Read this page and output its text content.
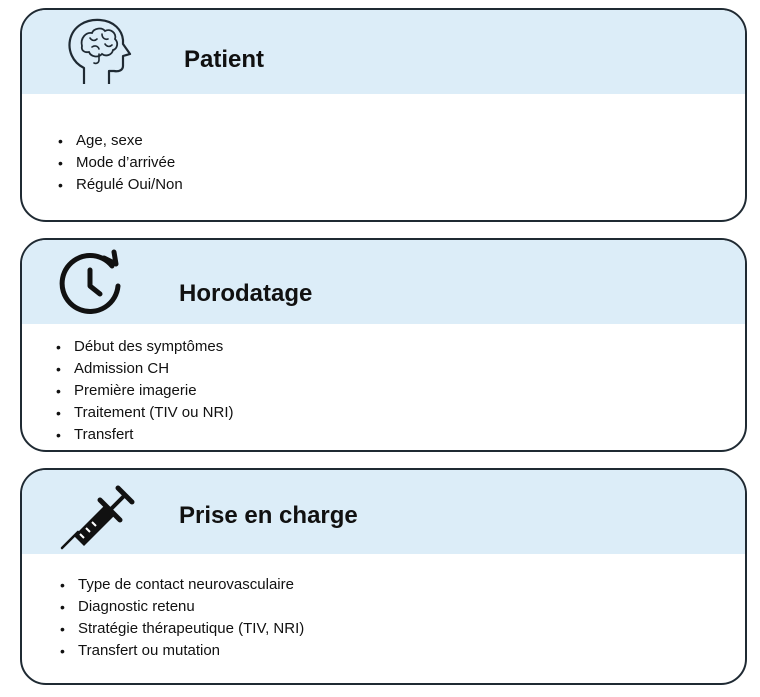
Patient
• Age, sexe
• Mode d’arrivée
• Régulé Oui/Non
Horodatage
• Début des symptômes
• Admission CH
• Première imagerie
• Traitement (TIV ou NRI)
• Transfert
Prise en charge
• Type de contact neurovasculaire
• Diagnostic retenu
• Stratégie thérapeutique (TIV, NRI)
• Transfert ou mutation
